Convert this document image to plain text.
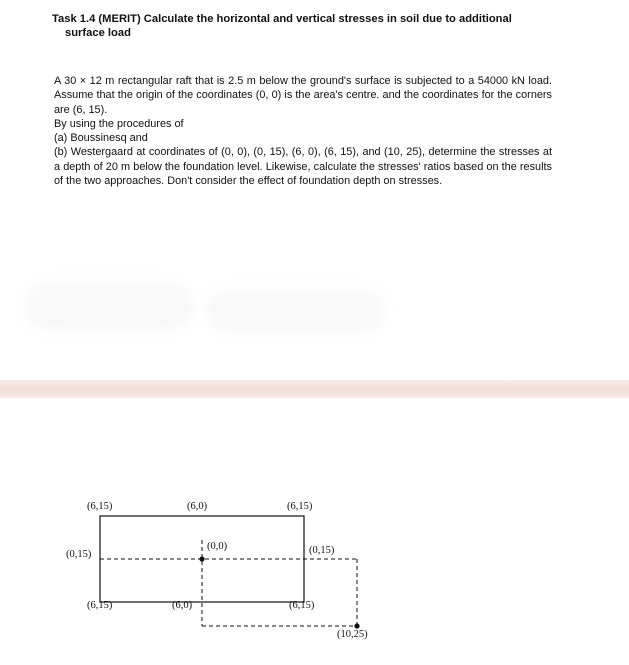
Task 1.4 (MERIT) Calculate the horizontal and vertical stresses in soil due to additional
surface load

A 30 × 12 m rectangular raft that is 2.5 m below the ground's surface is subjected to a 54000 kN load. Assume that the origin of the coordinates (0, 0) is the area's centre. and the coordinates for the corners are (6, 15).

By using the procedures of

(a) Boussinesq and

(b) Westergaard at coordinates of (0, 0), (0, 15), (6, 0), (6, 15), and (10, 25), determine the stresses at a depth of 20 m below the foundation level. Likewise, calculate the stresses' ratios based on the results of the two approaches. Don't consider the effect of foundation depth on stresses.

(6,15)	(6,0)	(6,15)
(0,15)
(0,0)	(0,15)
(6,15)	(6,0)	(6,15)
(10,25)
